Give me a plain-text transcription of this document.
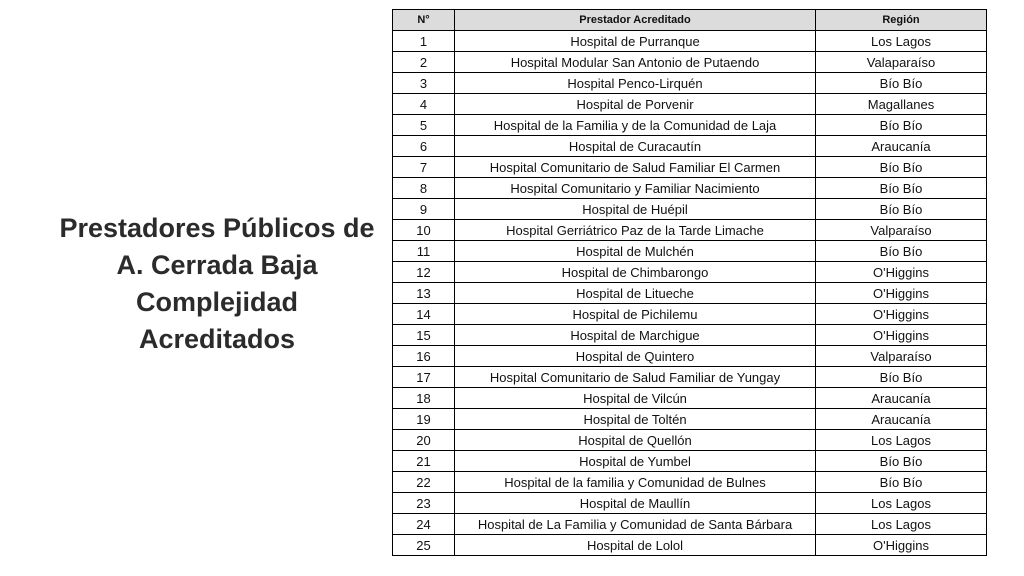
Prestadores Públicos de
A. Cerrada Baja
Complejidad
Acreditados
N°	Prestador Acreditado	Región
1	Hospital de Purranque	Los Lagos
2	Hospital Modular San Antonio de Putaendo	Valaparaíso
3	Hospital Penco-Lirquén	Bío Bío
4	Hospital de Porvenir	Magallanes
5	Hospital de la Familia y de la Comunidad de Laja	Bío Bío
6	Hospital de Curacautín	Araucanía
7	Hospital Comunitario de Salud Familiar El Carmen	Bío Bío
8	Hospital Comunitario y Familiar Nacimiento	Bío Bío
9	Hospital de Huépil	Bío Bío
10	Hospital Gerriátrico Paz de la Tarde Limache	Valparaíso
11	Hospital de Mulchén	Bío Bío
12	Hospital de Chimbarongo	O'Higgins
13	Hospital de Litueche	O'Higgins
14	Hospital de Pichilemu	O'Higgins
15	Hospital de Marchigue	O'Higgins
16	Hospital de Quintero	Valparaíso
17	Hospital Comunitario de Salud Familiar de Yungay	Bío Bío
18	Hospital de Vilcún	Araucanía
19	Hospital de Toltén	Araucanía
20	Hospital de Quellón	Los Lagos
21	Hospital de Yumbel	Bío Bío
22	Hospital de la familia y Comunidad de Bulnes	Bío Bío
23	Hospital de Maullín	Los Lagos
24	Hospital de La Familia y Comunidad de Santa Bárbara	Los Lagos
25	Hospital de Lolol	O'Higgins
